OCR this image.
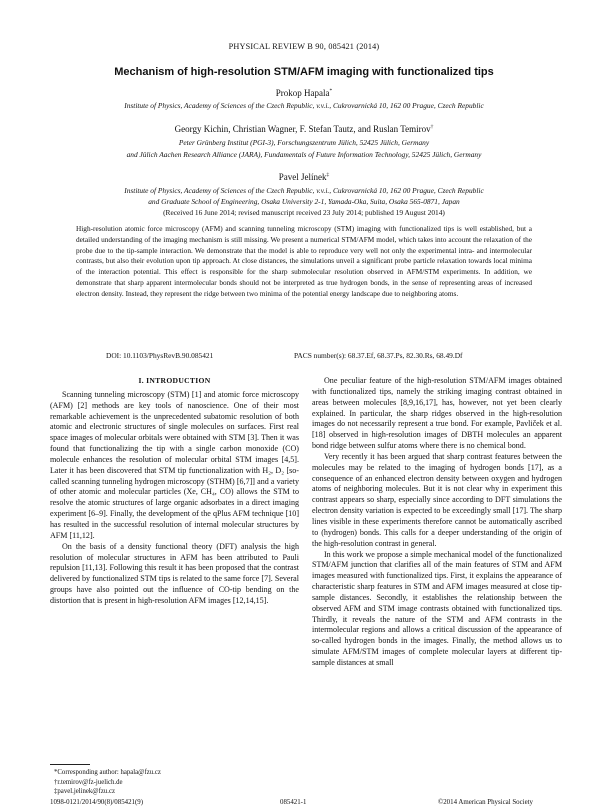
PHYSICAL REVIEW B 90, 085421 (2014)
Mechanism of high-resolution STM/AFM imaging with functionalized tips
Prokop Hapala*
Institute of Physics, Academy of Sciences of the Czech Republic, v.v.i., Cukrovarnická 10, 162 00 Prague, Czech Republic
Georgy Kichin, Christian Wagner, F. Stefan Tautz, and Ruslan Temirov†
Peter Grünberg Institut (PGI-3), Forschungszentrum Jülich, 52425 Jülich, Germany
and Jülich Aachen Research Alliance (JARA), Fundamentals of Future Information Technology, 52425 Jülich, Germany
Pavel Jelínek‡
Institute of Physics, Academy of Sciences of the Czech Republic, v.v.i., Cukrovarnická 10, 162 00 Prague, Czech Republic
and Graduate School of Engineering, Osaka University 2-1, Yamada-Oka, Suita, Osaka 565-0871, Japan
(Received 16 June 2014; revised manuscript received 23 July 2014; published 19 August 2014)
High-resolution atomic force microscopy (AFM) and scanning tunneling microscopy (STM) imaging with functionalized tips is well established, but a detailed understanding of the imaging mechanism is still missing. We present a numerical STM/AFM model, which takes into account the relaxation of the probe due to the tip-sample interaction. We demonstrate that the model is able to reproduce very well not only the experimental intra- and intermolecular contrasts, but also their evolution upon tip approach. At close distances, the simulations unveil a significant probe particle relaxation towards local minima of the interaction potential. This effect is responsible for the sharp submolecular resolution observed in AFM/STM experiments. In addition, we demonstrate that sharp apparent intermolecular bonds should not be interpreted as true hydrogen bonds, in the sense of representing areas of increased electron density. Instead, they represent the ridge between two minima of the potential energy landscape due to neighboring atoms.
DOI: 10.1103/PhysRevB.90.085421	PACS number(s): 68.37.Ef, 68.37.Ps, 82.30.Rs, 68.49.Df
I. INTRODUCTION

Scanning tunneling microscopy (STM) [1] and atomic force microscopy (AFM) [2] methods are key tools of nanoscience. One of their most remarkable achievement is the unprecedented subatomic resolution of both atomic and electronic structures of single molecules on surfaces. First real space images of molecular orbitals were obtained with STM [3]. Then it was found that functionalizing the tip with a single carbon monoxide (CO) molecule enhances the resolution of molecular orbital STM images [4,5]. Later it has been discovered that STM tip functionalization with H₂, D₂ [so-called scanning tunneling hydrogen microscopy (STHM) [6,7]] and a variety of other atomic and molecular particles (Xe, CH₄, CO) allows the STM to resolve the atomic structures of large organic adsorbates in a direct imaging experiment [6–9]. Finally, the development of the qPlus AFM technique [10] has resulted in the successful resolution of internal molecular structures by AFM [11,12].

On the basis of a density functional theory (DFT) analysis the high resolution of molecular structures in AFM has been attributed to Pauli repulsion [11,13]. Following this result it has been proposed that the contrast delivered by functionalized STM tips is related to the same force [7]. Several groups have also pointed out the influence of CO-tip bending on the distortion that is present in high-resolution AFM images [12,14,15].

One peculiar feature of the high-resolution STM/AFM images obtained with functionalized tips, namely the striking imaging contrast obtained in areas between molecules [8,9,16,17], has, however, not yet been clearly explained. In particular, the sharp ridges observed in the high-resolution images do not necessarily represent a true bond. For example, Pavliček et al. [18] observed in high-resolution images of DBTH molecules an apparent bond ridge between sulfur atoms where there is no chemical bond.

Very recently it has been argued that sharp contrast features between the molecules may be related to the imaging of hydrogen bonds [17], as a consequence of an enhanced electron density between oxygen and hydrogen atoms of neighboring molecules. But it is not clear why in experiment this contrast appears so sharp, especially since according to DFT simulations the electron density variation is expected to be exceedingly small [17]. The sharp lines visible in these experiments therefore cannot be automatically ascribed to (hydrogen) bonds. This calls for a deeper understanding of the origin of the high-resolution contrast in general.

In this work we propose a simple mechanical model of the functionalized STM/AFM junction that clarifies all of the main features of STM and AFM images measured with functionalized tips. First, it explains the appearance of characteristic sharp features in STM and AFM images measured at close tip-sample distances. Secondly, it establishes the relationship between the observed AFM and STM image contrasts obtained with functionalized tips. Thirdly, it reveals the nature of the STM and AFM contrasts in the intermolecular regions and allows a critical discussion of the appearance of so-called hydrogen bonds in the images. Finally, the method allows us to simulate AFM/STM images of complete molecular layers at different tip-sample distances at small

*Corresponding author: hapala@fzu.cz
†r.temirov@fz-juelich.de
‡pavel.jelinek@fzu.cz
1098-0121/2014/90(8)/085421(9)	085421-1	©2014 American Physical Society
